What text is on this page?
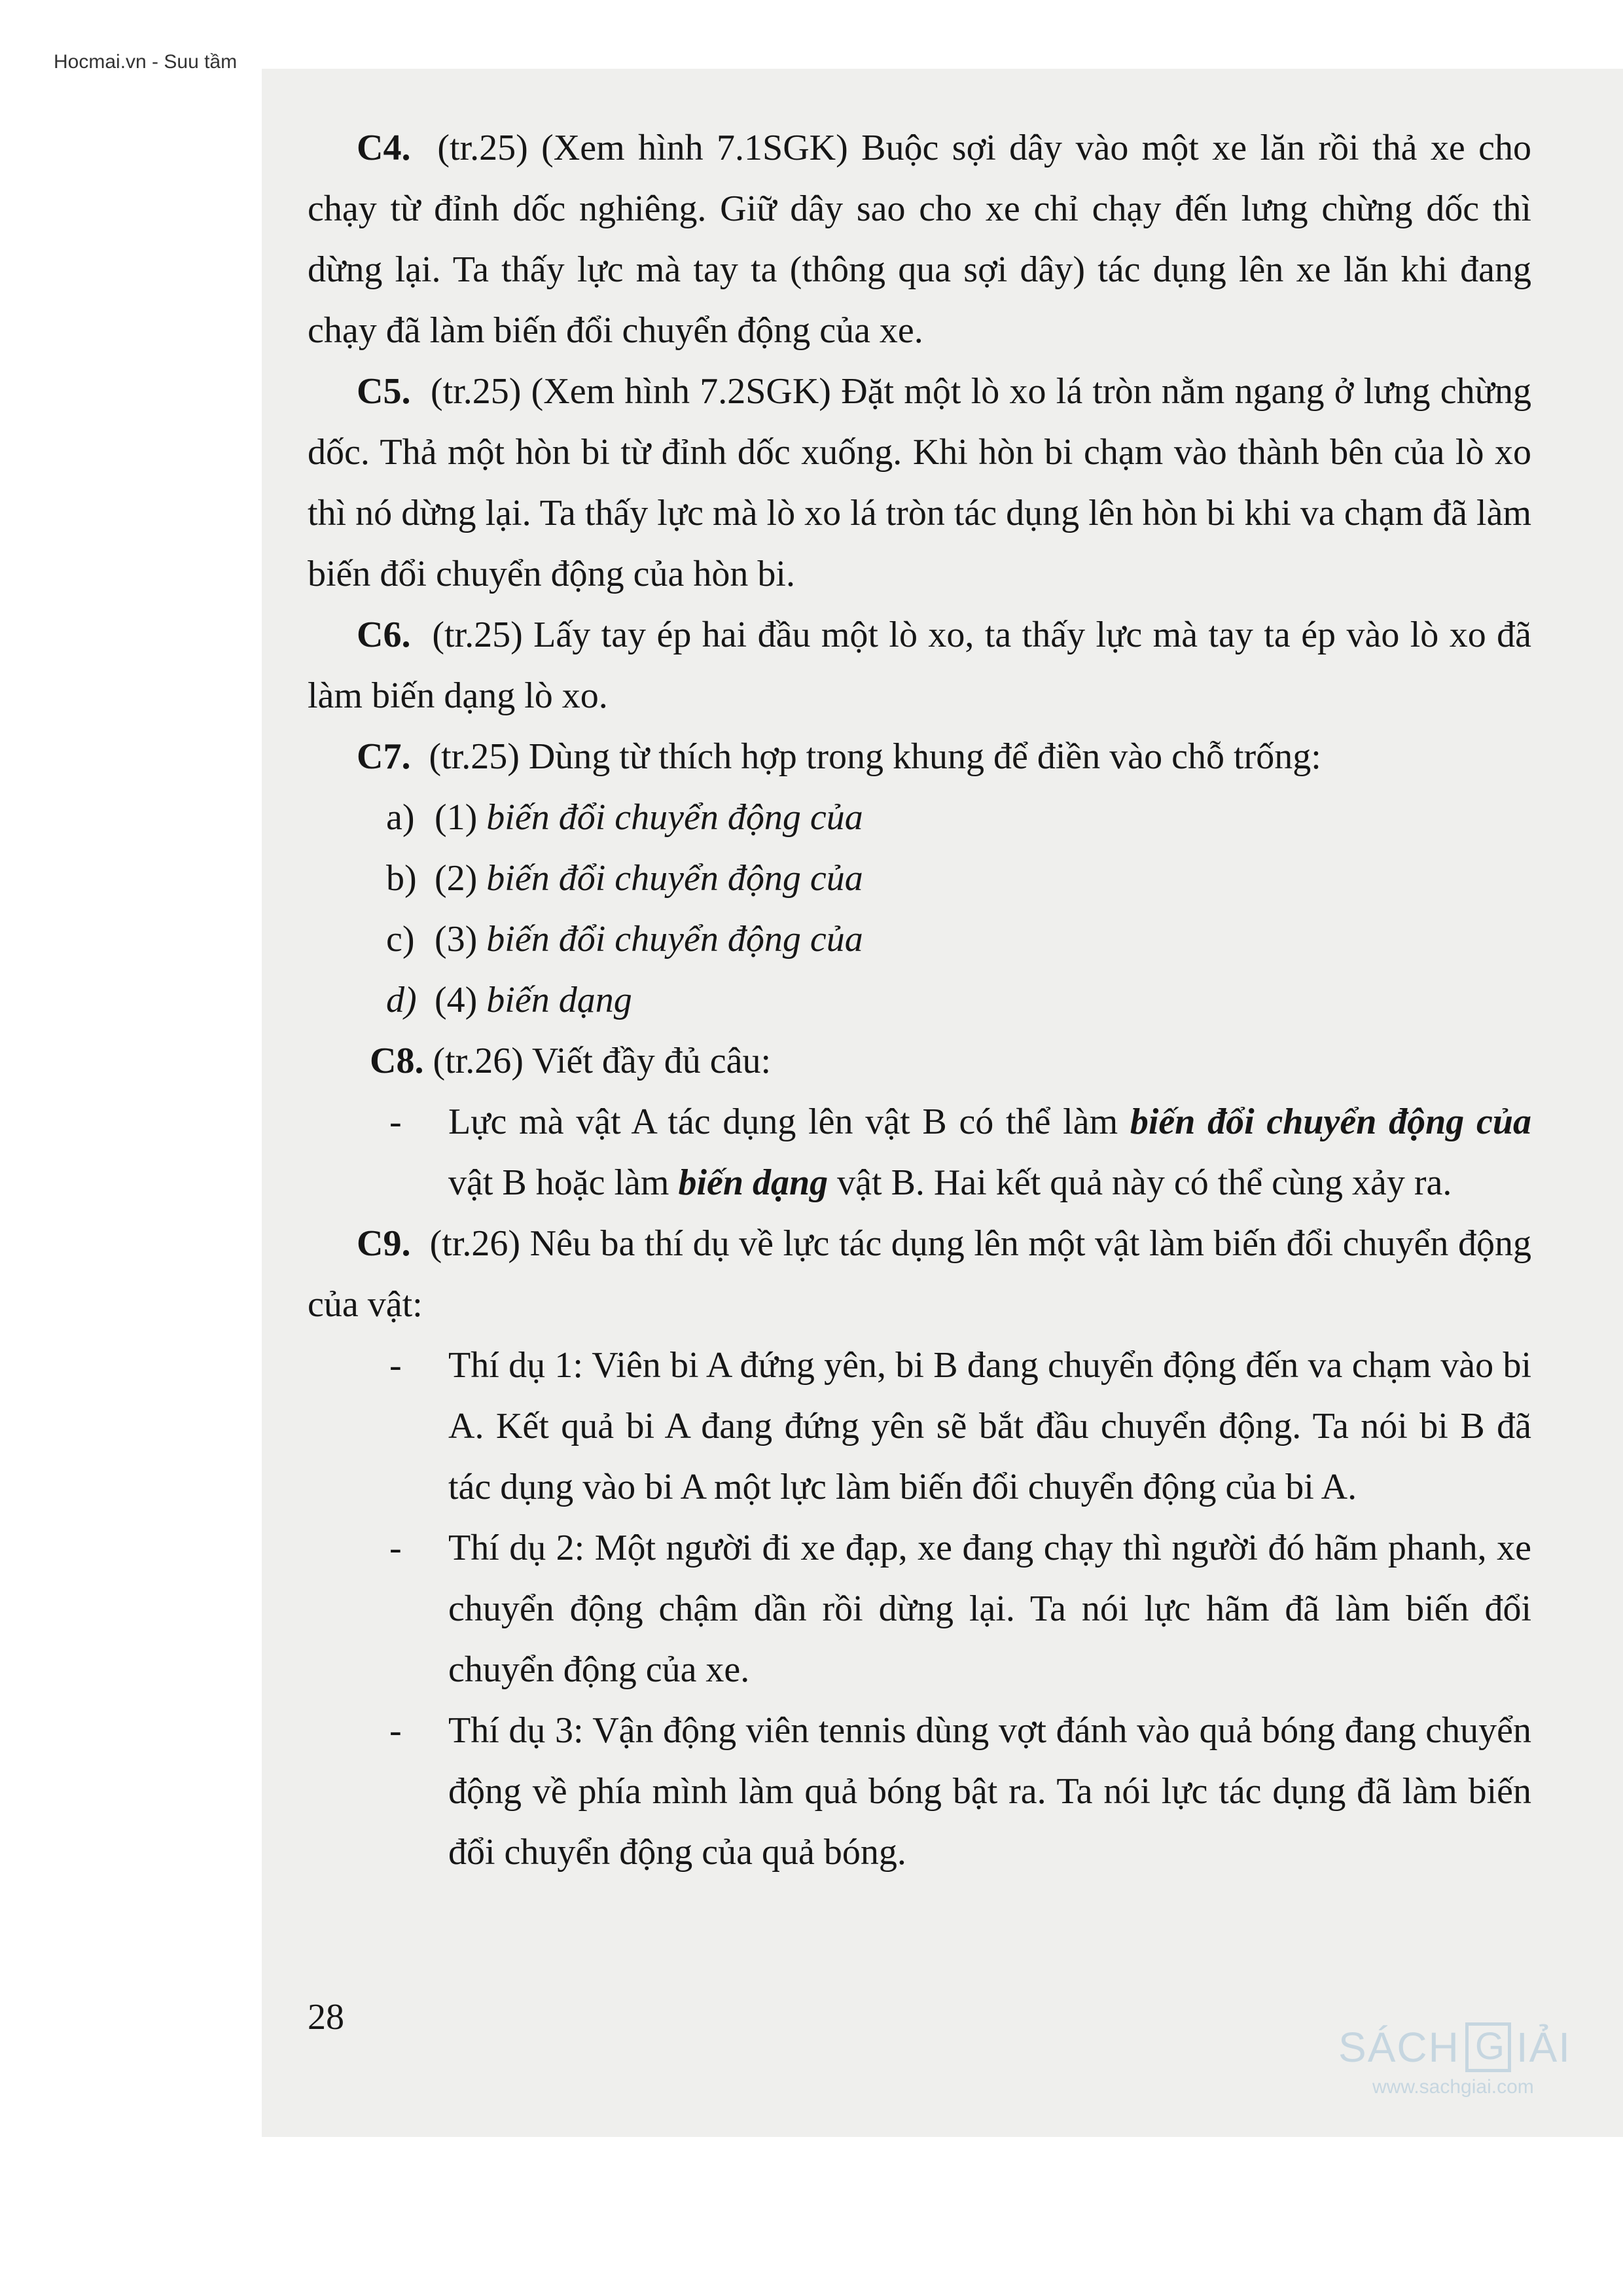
Hocmai.vn - Suu tầm

C4. (tr.25) (Xem hình 7.1SGK) Buộc sợi dây vào một xe lăn rồi thả xe cho chạy từ đỉnh dốc nghiêng. Giữ dây sao cho xe chỉ chạy đến lưng chừng dốc thì dừng lại. Ta thấy lực mà tay ta (thông qua sợi dây) tác dụng lên xe lăn khi đang chạy đã làm biến đổi chuyển động của xe.

C5. (tr.25) (Xem hình 7.2SGK) Đặt một lò xo lá tròn nằm ngang ở lưng chừng dốc. Thả một hòn bi từ đỉnh dốc xuống. Khi hòn bi chạm vào thành bên của lò xo thì nó dừng lại. Ta thấy lực mà lò xo lá tròn tác dụng lên hòn bi khi va chạm đã làm biến đổi chuyển động của hòn bi.

C6. (tr.25) Lấy tay ép hai đầu một lò xo, ta thấy lực mà tay ta ép vào lò xo đã làm biến dạng lò xo.

C7. (tr.25) Dùng từ thích hợp trong khung để điền vào chỗ trống:

a) (1) biến đổi chuyển động của
b) (2) biến đổi chuyển động của
c) (3) biến đổi chuyển động của
d) (4) biến dạng
C8. (tr.26) Viết đầy đủ câu:

- Lực mà vật A tác dụng lên vật B có thể làm biến đổi chuyển động của vật B hoặc làm biến dạng vật B. Hai kết quả này có thể cùng xảy ra.

C9. (tr.26) Nêu ba thí dụ về lực tác dụng lên một vật làm biến đổi chuyển động của vật:

- Thí dụ 1: Viên bi A đứng yên, bi B đang chuyển động đến va chạm vào bi A. Kết quả bi A đang đứng yên sẽ bắt đầu chuyển động. Ta nói bi B đã tác dụng vào bi A một lực làm biến đổi chuyển động của bi A.

- Thí dụ 2: Một người đi xe đạp, xe đang chạy thì người đó hãm phanh, xe chuyển động chậm dần rồi dừng lại. Ta nói lực hãm đã làm biến đổi chuyển động của xe.

- Thí dụ 3: Vận động viên tennis dùng vợt đánh vào quả bóng đang chuyển động về phía mình làm quả bóng bật ra. Ta nói lực tác dụng đã làm biến đổi chuyển động của quả bóng.

28
SÁCH
G IẢI
www.sachgiai.com
